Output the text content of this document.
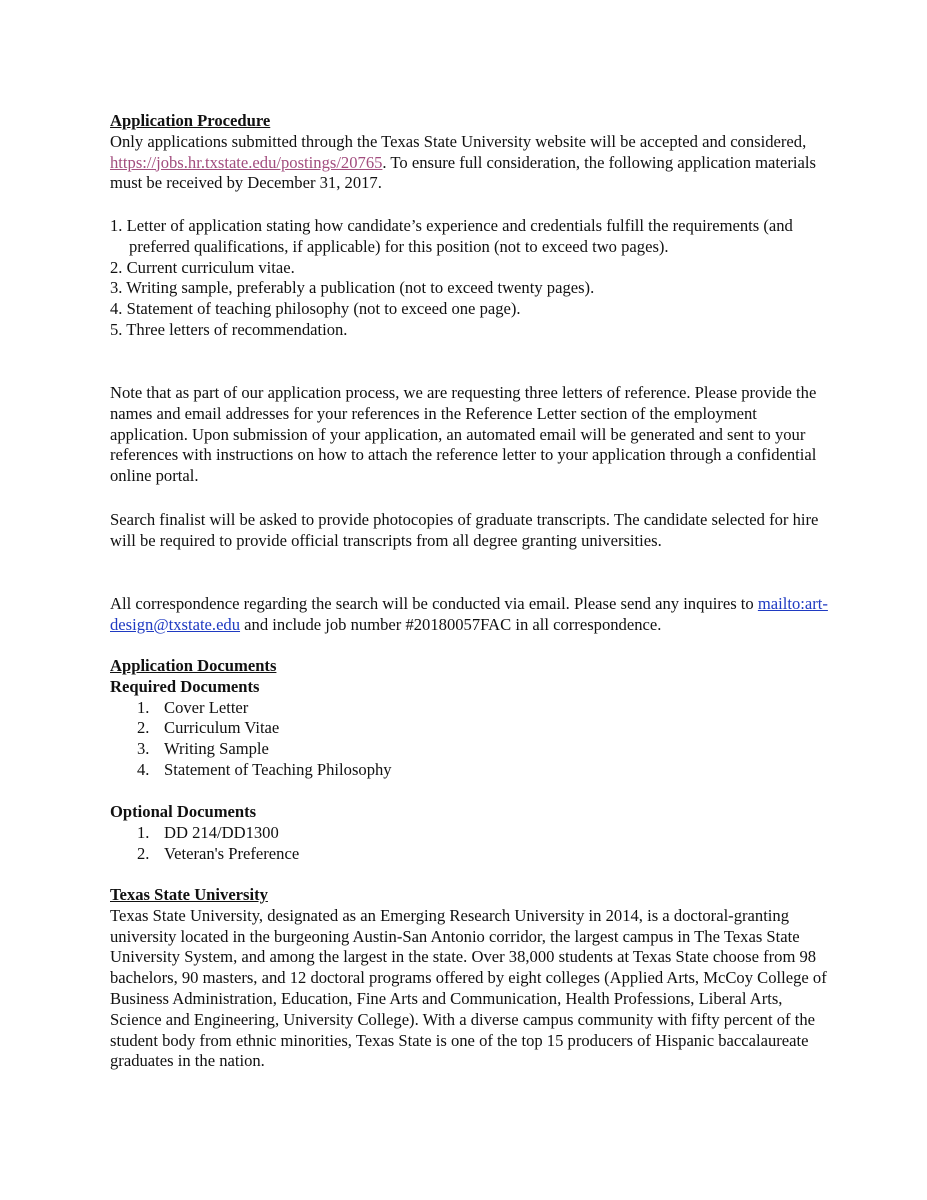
Application Procedure

Only applications submitted through the Texas State University website will be accepted and considered, https://jobs.hr.txstate.edu/postings/20765. To ensure full consideration, the following application materials must be received by December 31, 2017.

1. Letter of application stating how candidate’s experience and credentials fulfill the requirements (and preferred qualifications, if applicable) for this position (not to exceed two pages).
2. Current curriculum vitae.
3. Writing sample, preferably a publication (not to exceed twenty pages).
4. Statement of teaching philosophy (not to exceed one page).
5. Three letters of recommendation.

Note that as part of our application process, we are requesting three letters of reference. Please provide the names and email addresses for your references in the Reference Letter section of the employment application. Upon submission of your application, an automated email will be generated and sent to your references with instructions on how to attach the reference letter to your application through a confidential online portal.

Search finalist will be asked to provide photocopies of graduate transcripts. The candidate selected for hire will be required to provide official transcripts from all degree granting universities.

All correspondence regarding the search will be conducted via email. Please send any inquires to mailto:art-design@txstate.edu and include job number #20180057FAC in all correspondence.

Application Documents

Required Documents

1. Cover Letter
2. Curriculum Vitae
3. Writing Sample
4. Statement of Teaching Philosophy

Optional Documents

1. DD 214/DD1300
2. Veteran's Preference

Texas State University

Texas State University, designated as an Emerging Research University in 2014, is a doctoral-granting university located in the burgeoning Austin-San Antonio corridor, the largest campus in The Texas State University System, and among the largest in the state. Over 38,000 students at Texas State choose from 98 bachelors, 90 masters, and 12 doctoral programs offered by eight colleges (Applied Arts, McCoy College of Business Administration, Education, Fine Arts and Communication, Health Professions, Liberal Arts, Science and Engineering, University College). With a diverse campus community with fifty percent of the student body from ethnic minorities, Texas State is one of the top 15 producers of Hispanic baccalaureate graduates in the nation.
